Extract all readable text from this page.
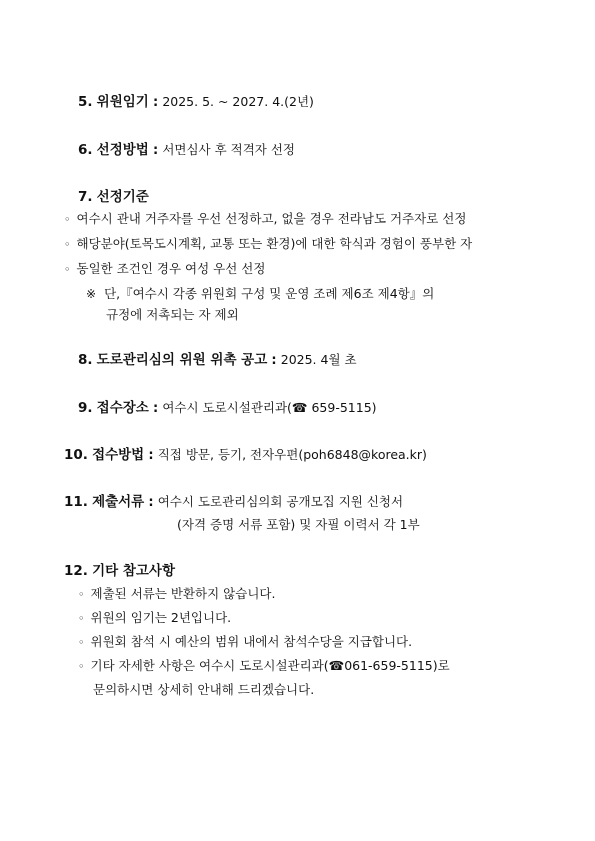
5. 위원임기 : 2025. 5. ~ 2027. 4.(2년)
6. 선정방법 : 서면심사 후 적격자 선정
7. 선정기준
◦ 여수시 관내 거주자를 우선 선정하고, 없을 경우 전라남도 거주자로 선정
◦ 해당분야(토목도시계획, 교통 또는 환경)에 대한 학식과 경험이 풍부한 자
◦ 동일한 조건인 경우 여성 우선 선정
※ 단,『여수시 각종 위원회 구성 및 운영 조례 제6조 제4항』의
규정에 저촉되는 자 제외
8. 도로관리심의 위원 위촉 공고 : 2025. 4월 초
9. 접수장소 : 여수시 도로시설관리과(☎ 659-5115)
10. 접수방법 : 직접 방문, 등기, 전자우편(poh6848@korea.kr)
11. 제출서류 : 여수시 도로관리심의회 공개모집 지원 신청서
(자격 증명 서류 포함) 및 자필 이력서 각 1부
12. 기타 참고사항
◦ 제출된 서류는 반환하지 않습니다.
◦ 위원의 임기는 2년입니다.
◦ 위원회 참석 시 예산의 범위 내에서 참석수당을 지급합니다.
◦ 기타 자세한 사항은 여수시 도로시설관리과(☎061-659-5115)로
문의하시면 상세히 안내해 드리겠습니다.
